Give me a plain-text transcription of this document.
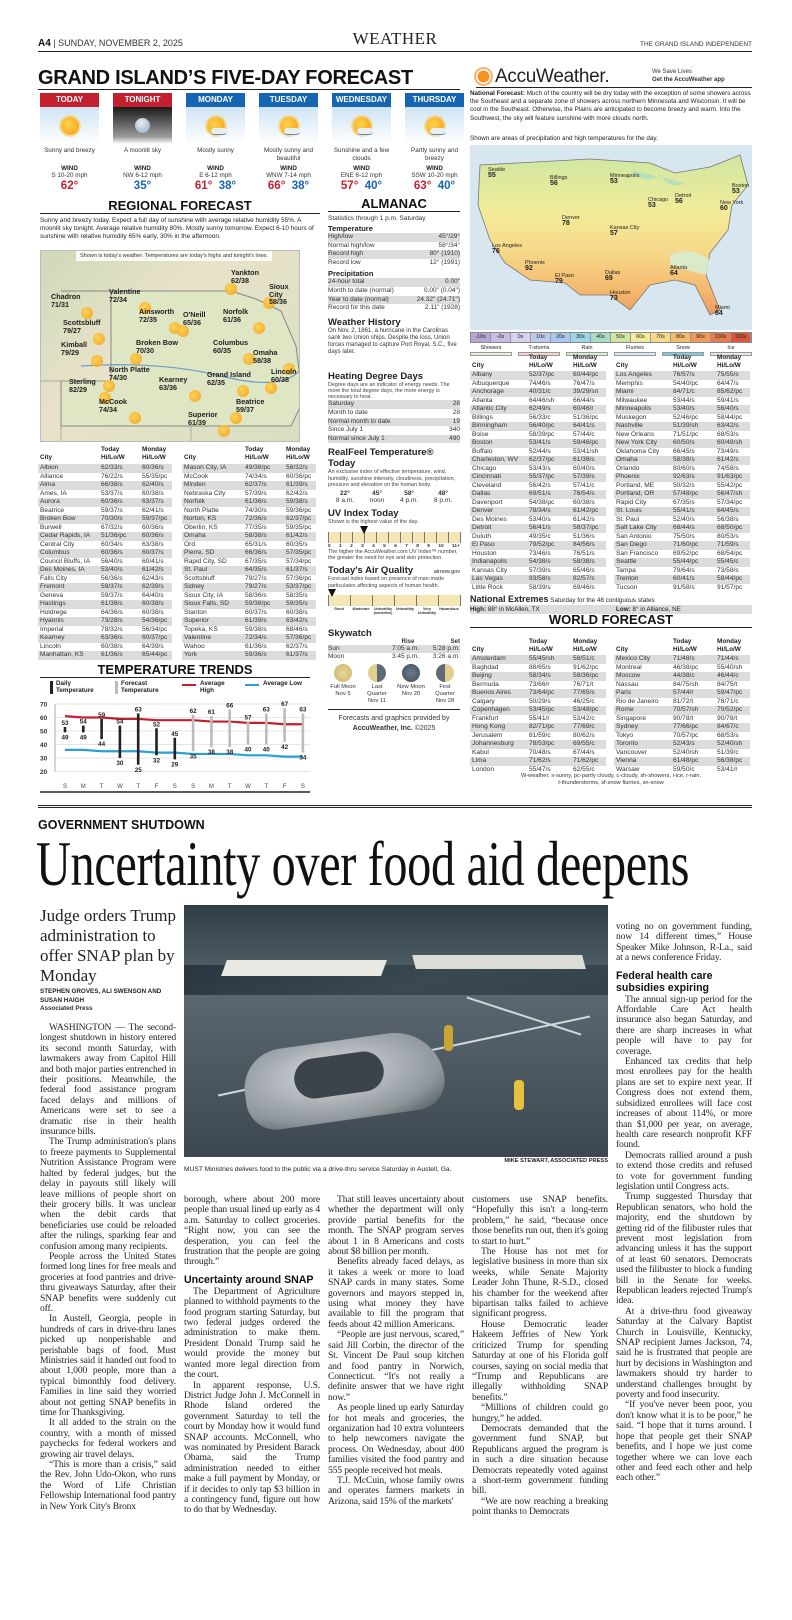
A4 | SUNDAY, NOVEMBER 2, 2025	WEATHER	THE GRAND ISLAND INDEPENDENT
GRAND ISLAND’S FIVE-DAY FORECAST
TODAY
Sunny and breezy
WIND
S 10-20 mph
62°
TONIGHT
A moonlit sky
WIND
NW 6-12 mph
35°
MONDAY
Mostly sunny
WIND
E 6-12 mph
61° 38°
TUESDAY
Mostly sunny and beautiful
WIND
WNW 7-14 mph
66° 38°
WEDNESDAY
Sunshine and a few clouds
WIND
ENE 6-12 mph
57° 40°
THURSDAY
Partly sunny and breezy
WIND
SSW 10-20 mph
63° 40°
REGIONAL FORECAST
Sunny and breezy today. Expect a full day of sunshine with average relative humidity 55%. A moonlit sky tonight. Average relative humidity 80%. Mostly sunny tomorrow. Expect 6-10 hours of sunshine with relative humidity 65% early, 30% in the afternoon.
Shown is today's weather. Temperatures are today's highs and tonight's lows.
Yankton
62/38
Chadron
71/31
Valentine
72/34
Sioux City
58/36
Ainsworth
72/35
Scottsbluff
79/27
O'Neill
65/36
Norfolk
61/36
Kimball
79/29
Broken Bow
70/30
Columbus
60/35	Omaha
58/38
North Platte
74/30	Kearney
63/36
Grand Island
62/35
Lincoln
60/38
Sterling
82/29
McCook
74/34
Beatrice
59/37
Superior
61/39
City
Today
Hi/Lo/W
Monday
Hi/Lo/W	City
Today
Hi/Lo/W
Monday
Hi/Lo/W
Albion	62/33/s	60/36/s
Alliance	76/22/s	55/35/pc
Alma	66/38/s	62/40/s
Ames, IA	53/37/s	60/38/s
Aurora	60/36/s	63/37/s
Beatrice	59/37/s	62/41/s
Broken Bow	70/30/s	59/37/pc
Burwell	67/32/s	60/36/s
Cedar Rapids, IA 51/36/pc 60/36/s
Central City	60/34/s	63/38/s
Columbus	60/36/s	60/37/s
Council Bluffs, IA 56/40/s	60/41/s
Des Moines, IA 53/40/s	61/42/s
Falls City	56/36/s	62/43/s
Fremont	59/37/s	62/39/s
Geneva	59/37/s	64/40/s
Hastings	61/38/s	60/38/s
Holdrege	64/36/s	60/38/s
Hyannis	73/28/s	54/36/pc
Imperial	78/32/s	56/34/pc
Kearney	63/36/s	60/37/pc
Lincoln	60/38/s	64/39/s
Manhattan, KS	61/36/s	65/44/pc
Mason City, IA	49/38/pc 58/32/s
McCook	74/34/s	60/36/pc
Minden	62/37/s	61/39/s
Nebraska City	57/39/s	62/42/s
Norfolk	61/36/s	59/38/s
North Platte	74/30/s	59/36/pc
Norton, KS	72/36/s	62/37/pc
Oberlin, KS	77/35/s	59/35/pc
Omaha	58/38/s	61/42/s
Ord	65/31/s	60/35/s
Pierre, SD	66/36/s	57/35/pc
Rapid City, SD	67/35/s	57/34/pc
St. Paul	64/35/s	61/37/s
Scottsbluff	79/27/s	57/36/pc
Sidney	79/27/s	53/37/pc
Sioux City, IA	58/36/s	58/35/s
Sioux Falls, SD 59/38/pc 59/35/s
Stanton	60/37/s	60/38/s
Superior	61/39/s	63/42/s
Topeka, KS	59/38/s	68/46/s
Valentine	72/34/s	57/36/pc
Wahoo	61/36/s	62/37/s
York	59/36/s	61/37/s
TEMPERATURE TRENDS
Daily Temperature
Forecast Temperature
Average High
Average Low
20
30
40
50
60
70
53
49
54
49
59
44
54
30
63
25
52
32
45
29
62
35
61
38
66
38
57
40
63
40
67
42
63
34
S M T W T F S S M T W T F S
ALMANAC
Statistics through 1 p.m. Saturday
Temperature
High/low	45°/29°
Normal high/low	58°/34°
Record high	80° (1910)
Record low	12° (1991)
Precipitation
24-hour total	0.00"
Month to date (normal)	0.00" (0.04")
Year to date (normal)	24.32" (24.71")
Record for this date	2.11" (1928)
Weather History

On Nov. 2, 1861, a hurricane in the Carolinas sank two Union ships. Despite the loss, Union forces managed to capture Port Royal, S.C., five days later.

Heating Degree Days

Degree days are an indicator of energy needs. The more the total degree days, the more energy is necessary to heat.

Saturday	28
Month to date	28
Normal month to date	19
Since July 1	340
Normal since July 1	490
RealFeel Temperature® Today

An exclusive index of effective temperature, wind, humidity, sunshine intensity, cloudiness, precipitation, pressure and elevation on the human body.

22°
8 a.m.
45°
noon
58°
4 p.m.
48°
8 p.m.
UV Index Today

Shown is the highest value of the day.

0 1 2 3 4 5 6 7 8 9 10 11+

The higher the AccuWeather.com UV Index™ number, the greater the need for eye and skin protection.

Today's Air Quality	airnow.gov

Forecast index based on presence of man-made particulates affecting aspects of human health.

Good	Moderate	Unhealthy (sensitive)
Unhealthy	Very Unhealthy
Hazardous
Skywatch
Rise	Set
Sun	7:05 a.m.	5:28 p.m.
Moon	3:45 p.m.	3:26 a.m.
Full Moon
Nov 5
Last Quarter
Nov 11
New Moon
Nov 20
First Quarter
Nov 28
Forecasts and graphics provided by
AccuWeather, Inc. ©2025
AccuWeather.	We Save Lives
Get the AccuWeather app
National Forecast: Much of the country will be dry today with the exception of some showers across the Southeast and a separate zone of showers across northern Minnesota and Wisconsin. It will be cool in the Southeast. Otherwise, the Plains are anticipated to become breezy and warm. Into the Southwest, the sky will feature sunshine with more clouds north.
Shown are areas of precipitation and high temperatures for the day.
Seattle
55	Billings
56
Minneapolis
53
Chicago
53
Detroit
56	New York
60
Boston
53
Denver
78
Kansas City
57
Los Angeles
76
Phoenix
92
El Paso
79
Dallas
69
Houston
73
Atlanta
64
Miami
84
-10s	-0s	0s	10s	20s	30s	40s	50s	60s	70s	80s	90s	100s	110s
Showers	T-storms	Rain	Flurries	Snow	Ice
City
Today
Hi/Lo/W
Monday
Hi/Lo/W	City
Today
Hi/Lo/W
Monday
Hi/Lo/W
Albany	52/37/pc	60/44/pc
Albuquerque	74/46/s	76/47/s
Anchorage	40/31/c	39/29/sn
Atlanta	64/46/sh	66/44/s
Atlantic City	62/49/s	60/46/r
Billings	56/33/c	51/36/pc
Birmingham	56/40/pc	64/41/s
Boise	58/39/pc	57/44/c
Boston	53/41/s	59/46/pc
Buffalo	52/44/s	53/41/sh
Charleston, WV 62/37/pc	61/38/s
Chicago	53/43/s	60/40/s
Cincinnati	55/37/pc	57/39/s
Cleveland	56/42/s	57/41/c
Dallas	69/51/s	76/54/s
Davenport	54/38/pc	60/38/s
Denver	78/34/s	61/42/pc
Des Moines	53/40/s	61/42/s
Detroit	56/41/s	58/37/pc
Duluth	49/35/c	51/36/s
El Paso	79/52/pc	84/56/s
Houston	73/46/s	76/51/s
Indianapolis	54/38/s	58/38/s
Kansas City	57/39/s	65/46/s
Las Vegas	83/58/s	82/57/s
Little Rock	58/39/s	69/46/s
Los Angeles	76/57/s	75/55/s
Memphis	54/40/pc	64/47/s
Miami	84/71/c	85/62/pc
Milwaukee	53/44/s	59/41/s
Minneapolis	53/40/s	56/40/s
Muskegon	52/46/pc	58/44/pc
Nashville	51/39/sh	63/42/s
New Orleans	71/51/pc	68/53/s
New York City 60/50/s	60/48/sh
Oklahoma City 66/45/s	73/49/s
Omaha	58/38/s	61/42/s
Orlando	80/60/s	74/58/s
Phoenix	92/63/s	91/63/pc
Portland, ME	50/32/s	55/42/pc
Portland, OR	57/48/pc	56/47/sh
Rapid City	67/35/s	57/34/pc
St. Louis	55/41/s	64/45/s
St. Paul	52/40/s	56/38/s
Salt Lake City 68/44/s	68/50/pc
San Antonio	75/50/s	80/53/s
San Diego	71/60/pc	71/59/s
San Francisco 69/52/pc	68/54/pc
Seattle	55/44/pc	55/45/c
Tampa	79/64/s	73/58/s
Trenton	60/41/s	58/44/pc
Tucson	91/58/s	91/57/pc
National Extremes Saturday for the 48 contiguous states
High: 88° in McAllen, TX	Low: 8° in Alliance, NE
WORLD FORECAST
City
Today
Hi/Lo/W
Monday
Hi/Lo/W	City
Today
Hi/Lo/W
Monday
Hi/Lo/W
Amsterdam	55/45/sh	58/51/c
Baghdad	88/65/s	91/62/pc
Beijing	58/34/s	58/36/pc
Bermuda	73/66/r	76/71/t
Buenos Aires	73/64/pc	77/65/s
Calgary	50/29/s	46/25/c
Copenhagen	53/45/pc	53/48/pc
Frankfurt	55/41/r	53/42/c
Hong Kong	82/71/pc	77/69/c
Jerusalem	81/59/c	80/62/s
Johannesburg 78/53/pc	69/55/c
Kabul	70/48/s	67/44/s
Lima	71/62/s	71/62/pc
London	55/47/s	62/55/c
Mexico City	71/48/s	71/44/s
Montreal	46/38/pc	55/40/sh
Moscow	44/38/c	46/44/c
Nassau	84/75/sh	84/75/t
Paris	57/44/r	59/47/pc
Rio de Janeiro 81/72/t	78/71/c
Rome	70/57/sh	70/52/pc
Singapore	90/78/t	90/78/t
Sydney	77/66/pc	84/67/c
Tokyo	70/57/pc	68/53/s
Toronto	52/43/s	52/40/sh
Vancouver	52/40/sh	51/39/c
Vienna	61/48/pc	56/38/pc
Warsaw	59/50/c	53/41/r
W-weather, s-sunny, pc-partly cloudy, c-cloudy, sh-showers, i-ice, r-rain,
t-thunderstorms, sf-snow flurries, sn-snow
GOVERNMENT SHUTDOWN
Uncertainty over food aid deepens
Judge orders Trump administration to offer SNAP plan by Monday
STEPHEN GROVES, ALI SWENSON AND SUSAN HAIGH
Associated Press
MIKE STEWART, ASSOCIATED PRESS
MUST Ministries delivers food to the public via a drive-thru service Saturday in Austell, Ga.

WASHINGTON — The second-longest shutdown in history entered its second month Saturday, with lawmakers away from Capitol Hill and both major parties entrenched in their positions. Meanwhile, the federal food assistance program faced delays and millions of Americans were set to see a dramatic rise in their health insurance bills.

The Trump administration's plans to freeze payments to Supplemental Nutrition Assistance Program were halted by federal judges, but the delay in payouts still likely will leave millions of people short on their grocery bills. It was unclear when the debit cards that beneficiaries use could be reloaded after the rulings, sparking fear and confusion among many recipients.

People across the United States formed long lines for free meals and groceries at food pantries and drive-thru giveaways Saturday, after their SNAP benefits were suddenly cut off.

In Austell, Georgia, people in hundreds of cars in drive-thru lanes picked up nonperishable and perishable bags of food. Must Ministries said it handed out food to about 1,000 people, more than a typical bimonthly food delivery. Families in line said they worried about not getting SNAP benefits in time for Thanksgiving.

It all added to the strain on the country, with a month of missed paychecks for federal workers and growing air travel delays.

“This is more than a crisis,” said the Rev. John Udo-Okon, who runs the Word of Life Christian Fellowship International food pantry in New York City's Bronx

borough, where about 200 more people than usual lined up early as 4 a.m. Saturday to collect groceries. “Right now, you can see the desperation, you can feel the frustration that the people are going through.”

Uncertainty around SNAP

The Department of Agriculture planned to withhold payments to the food program starting Saturday, but two federal judges ordered the administration to make them. President Donald Trump said he would provide the money but wanted more legal direction from the court.

In apparent response, U.S. District Judge John J. McConnell in Rhode Island ordered the government Saturday to tell the court by Monday how it would fund SNAP accounts. McConnell, who was nominated by President Barack Obama, said the Trump administration needed to either make a full payment by Monday, or if it decides to only tap $3 billion in a contingency fund, figure out how to do that by Wednesday.

That still leaves uncertainty about whether the department will only provide partial benefits for the month. The SNAP program serves about 1 in 8 Americans and costs about $8 billion per month.

Benefits already faced delays, as it takes a week or more to load SNAP cards in many states. Some governors and mayors stepped in, using what money they have available to fill the program that feeds about 42 million Americans.

“People are just nervous, scared,” said Jill Corbin, the director of the St. Vincent De Paul soup kitchen and food pantry in Norwich, Connecticut. “It's not really a definite answer that we have right now.”

As people lined up early Saturday for hot meals and groceries, the organization had 10 extra volunteers to help newcomers navigate the process. On Wednesday, about 400 families visited the food pantry and 555 people received hot meals.

T.J. McCuin, whose family owns and operates farmers markets in Arizona, said 15% of the markets'

customers use SNAP benefits. “Hopefully this isn't a long-term problem,” he said, “because once those benefits run out, then it's going to start to hurt.”

The House has not met for legislative business in more than six weeks, while Senate Majority Leader John Thune, R-S.D., closed his chamber for the weekend after bipartisan talks failed to achieve significant progress.

House Democratic leader Hakeem Jeffries of New York criticized Trump for spending Saturday at one of his Florida golf courses, saying on social media that “Trump and Republicans are illegally withholding SNAP benefits.”

“Millions of children could go hungry,” he added.

Democrats demanded that the government fund SNAP, but Republicans argued the program is in such a dire situation because Democrats repeatedly voted against a short-term government funding bill.

“We are now reaching a breaking point thanks to Democrats

voting no on government funding, now 14 different times,” House Speaker Mike Johnson, R-La., said at a news conference Friday.

Federal health care subsidies expiring

The annual sign-up period for the Affordable Care Act health insurance also began Saturday, and there are sharp increases in what people will have to pay for coverage.

Enhanced tax credits that help most enrollees pay for the health plans are set to expire next year. If Congress does not extend them, subsidized enrollees will face cost increases of about 114%, or more than $1,000 per year, on average, health care research nonprofit KFF found.

Democrats rallied around a push to extend those credits and refused to vote for government funding legislation until Congress acts.

Trump suggested Thursday that Republican senators, who hold the majority, end the shutdown by getting rid of the filibuster rules that prevent most legislation from advancing unless it has the support of at least 60 senators. Democrats used the filibuster to block a funding bill in the Senate for weeks. Republican leaders rejected Trump's idea.

At a drive-thru food giveaway Saturday at the Calvary Baptist Church in Louisville, Kentucky, SNAP recipient James Jackson, 74, said he is frustrated that people are hurt by decisions in Washington and lawmakers should try harder to understand challenges brought by poverty and food insecurity.

“If you've never been poor, you don't know what it is to be poor,” he said. “I hope that it turns around. I hope that people get their SNAP benefits, and I hope we just come together where we can love each other and feed each other and help each other.”
